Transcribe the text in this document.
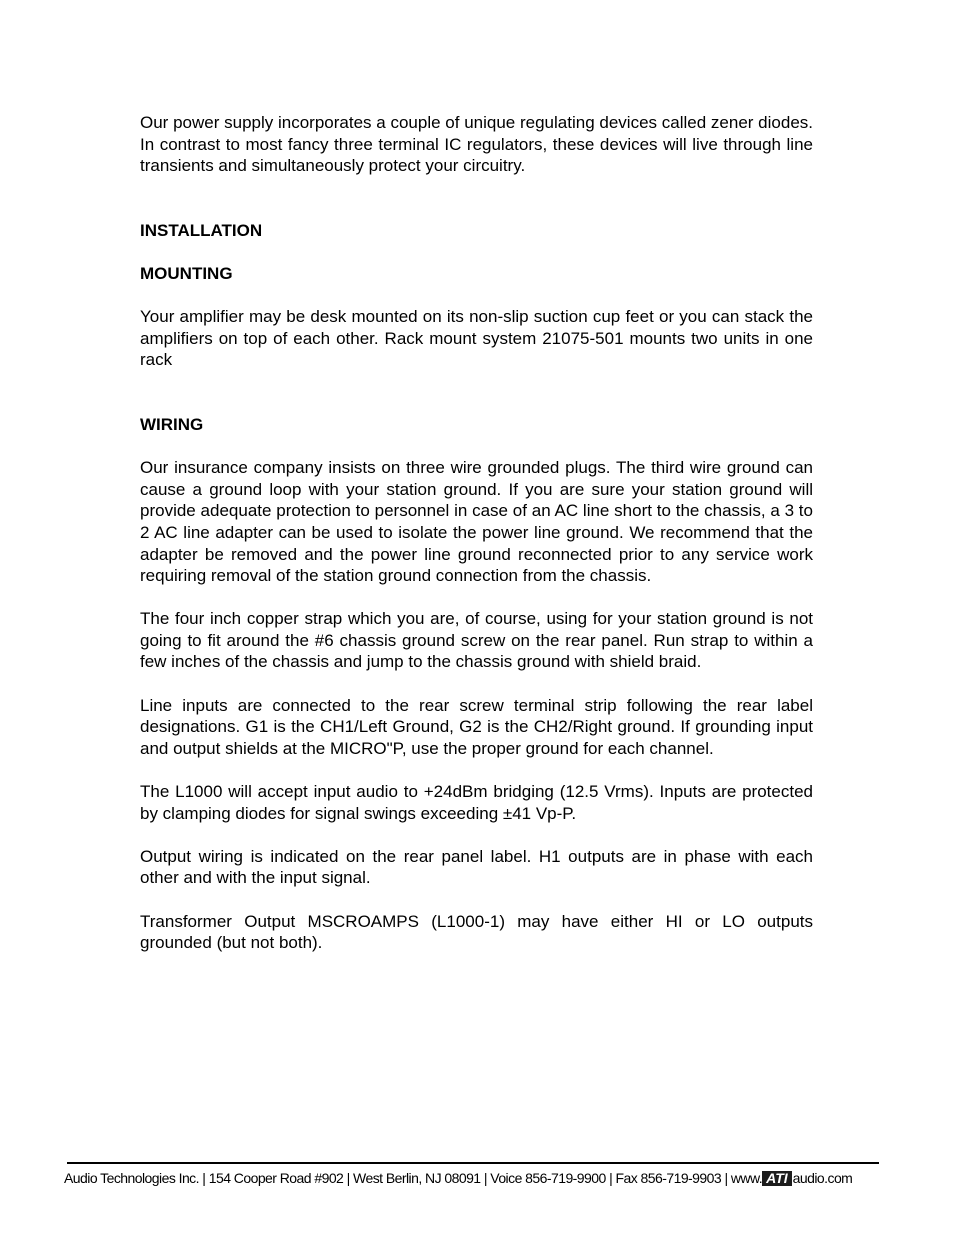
Our power supply incorporates a couple of unique regulating devices called zener diodes. In contrast to most fancy three terminal IC regulators, these devices will live through line transients and simultaneously protect your circuitry.

INSTALLATION
MOUNTING

Your amplifier may be desk mounted on its non-slip suction cup feet or you can stack the amplifiers on top of each other. Rack mount system 21075-501 mounts two units in one rack

WIRING

Our insurance company insists on three wire grounded plugs. The third wire ground can cause a ground loop with your station ground. If you are sure your station ground will provide adequate protection to personnel in case of an AC line short to the chassis, a 3 to 2 AC line adapter can be used to isolate the power line ground. We recommend that the adapter be removed and the power line ground reconnected prior to any service work requiring removal of the station ground connection from the chassis.

The four inch copper strap which you are, of course, using for your station ground is not going to fit around the #6 chassis ground screw on the rear panel. Run strap to within a few inches of the chassis and jump to the chassis ground with shield braid.

Line inputs are connected to the rear screw terminal strip following the rear label designations. G1 is the CH1/Left Ground, G2 is the CH2/Right ground. If grounding input and output shields at the MICRO"P, use the proper ground for each channel.

The L1000 will accept input audio to +24dBm bridging (12.5 Vrms). Inputs are protected by clamping diodes for signal swings exceeding ±41 Vp-P.

Output wiring is indicated on the rear panel label. H1 outputs are in phase with each other and with the input signal.

Transformer Output MSCROAMPS (L1000-1) may have either HI or LO outputs grounded (but not both).

Audio Technologies Inc. | 154 Cooper Road #902 | West Berlin, NJ 08091 | Voice 856-719-9900 | Fax 856-719-9903 | www. ATI audio.com
